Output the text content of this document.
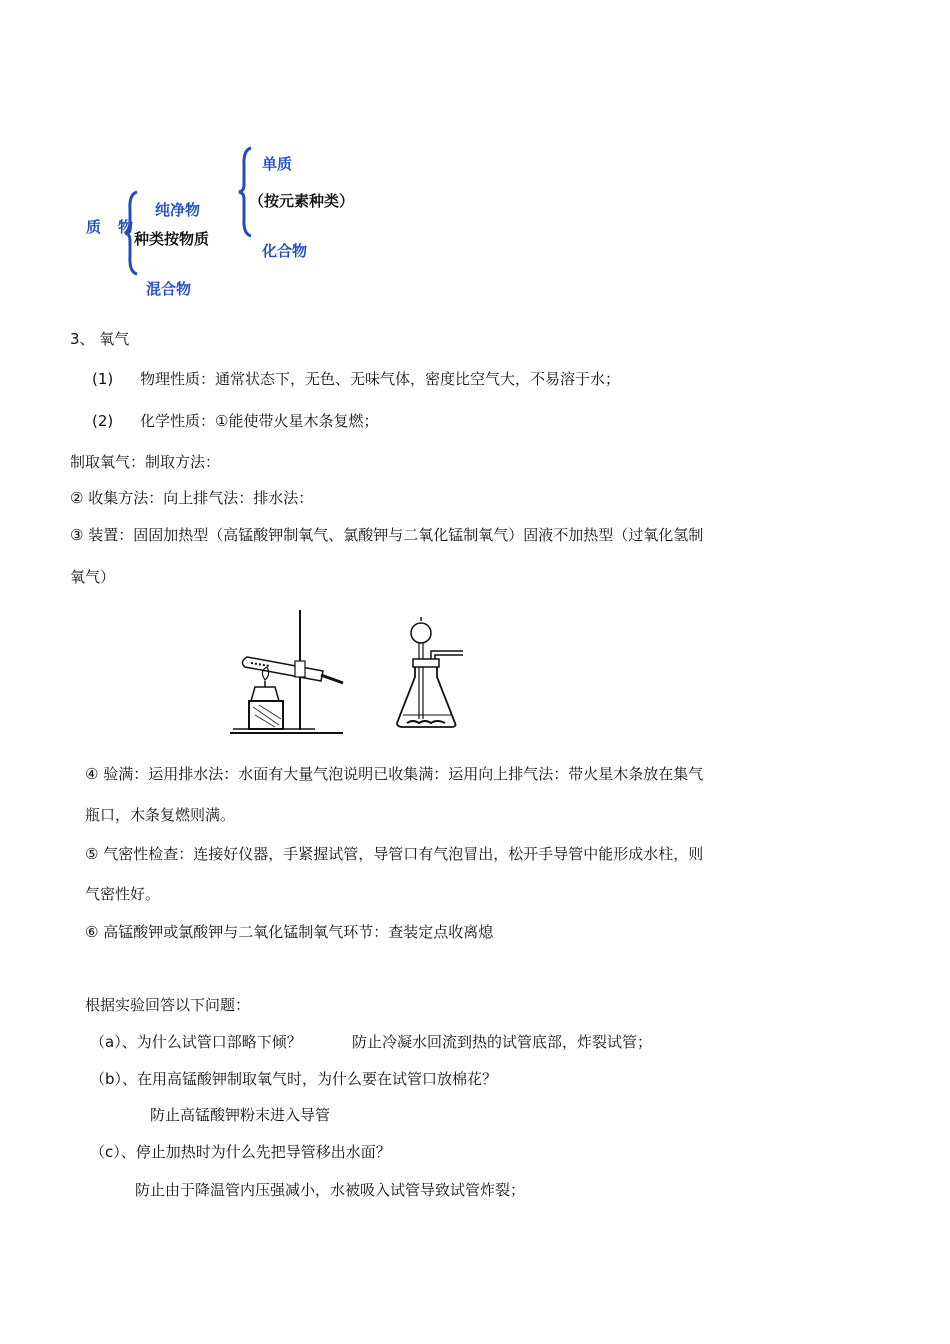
质 物
种类按物质
纯净物
混合物
单质
（按元素种类）
化合物
3、 氧气
(1) 物理性质：通常状态下，无色、无味气体，密度比空气大，不易溶于水；
(2) 化学性质：①能使带火星木条复燃；
制取氧气：制取方法：
② 收集方法：向上排气法：排水法：
③ 装置：固固加热型（高锰酸钾制氧气、氯酸钾与二氧化锰制氧气）固液不加热型（过氧化氢制
氧气）
④ 验满：运用排水法：水面有大量气泡说明已收集满：运用向上排气法：带火星木条放在集气
瓶口，木条复燃则满。
⑤ 气密性检查：连接好仪器，手紧握试管，导管口有气泡冒出，松开手导管中能形成水柱，则
气密性好。
⑥ 高锰酸钾或氯酸钾与二氧化锰制氧气环节：查装定点收离熄
根据实验回答以下问题：
（a）、为什么试管口部略下倾？	防止冷凝水回流到热的试管底部，炸裂试管；
（b）、在用高锰酸钾制取氧气时，为什么要在试管口放棉花？
防止高锰酸钾粉末进入导管
（c）、停止加热时为什么先把导管移出水面？
防止由于降温管内压强减小，水被吸入试管导致试管炸裂；
